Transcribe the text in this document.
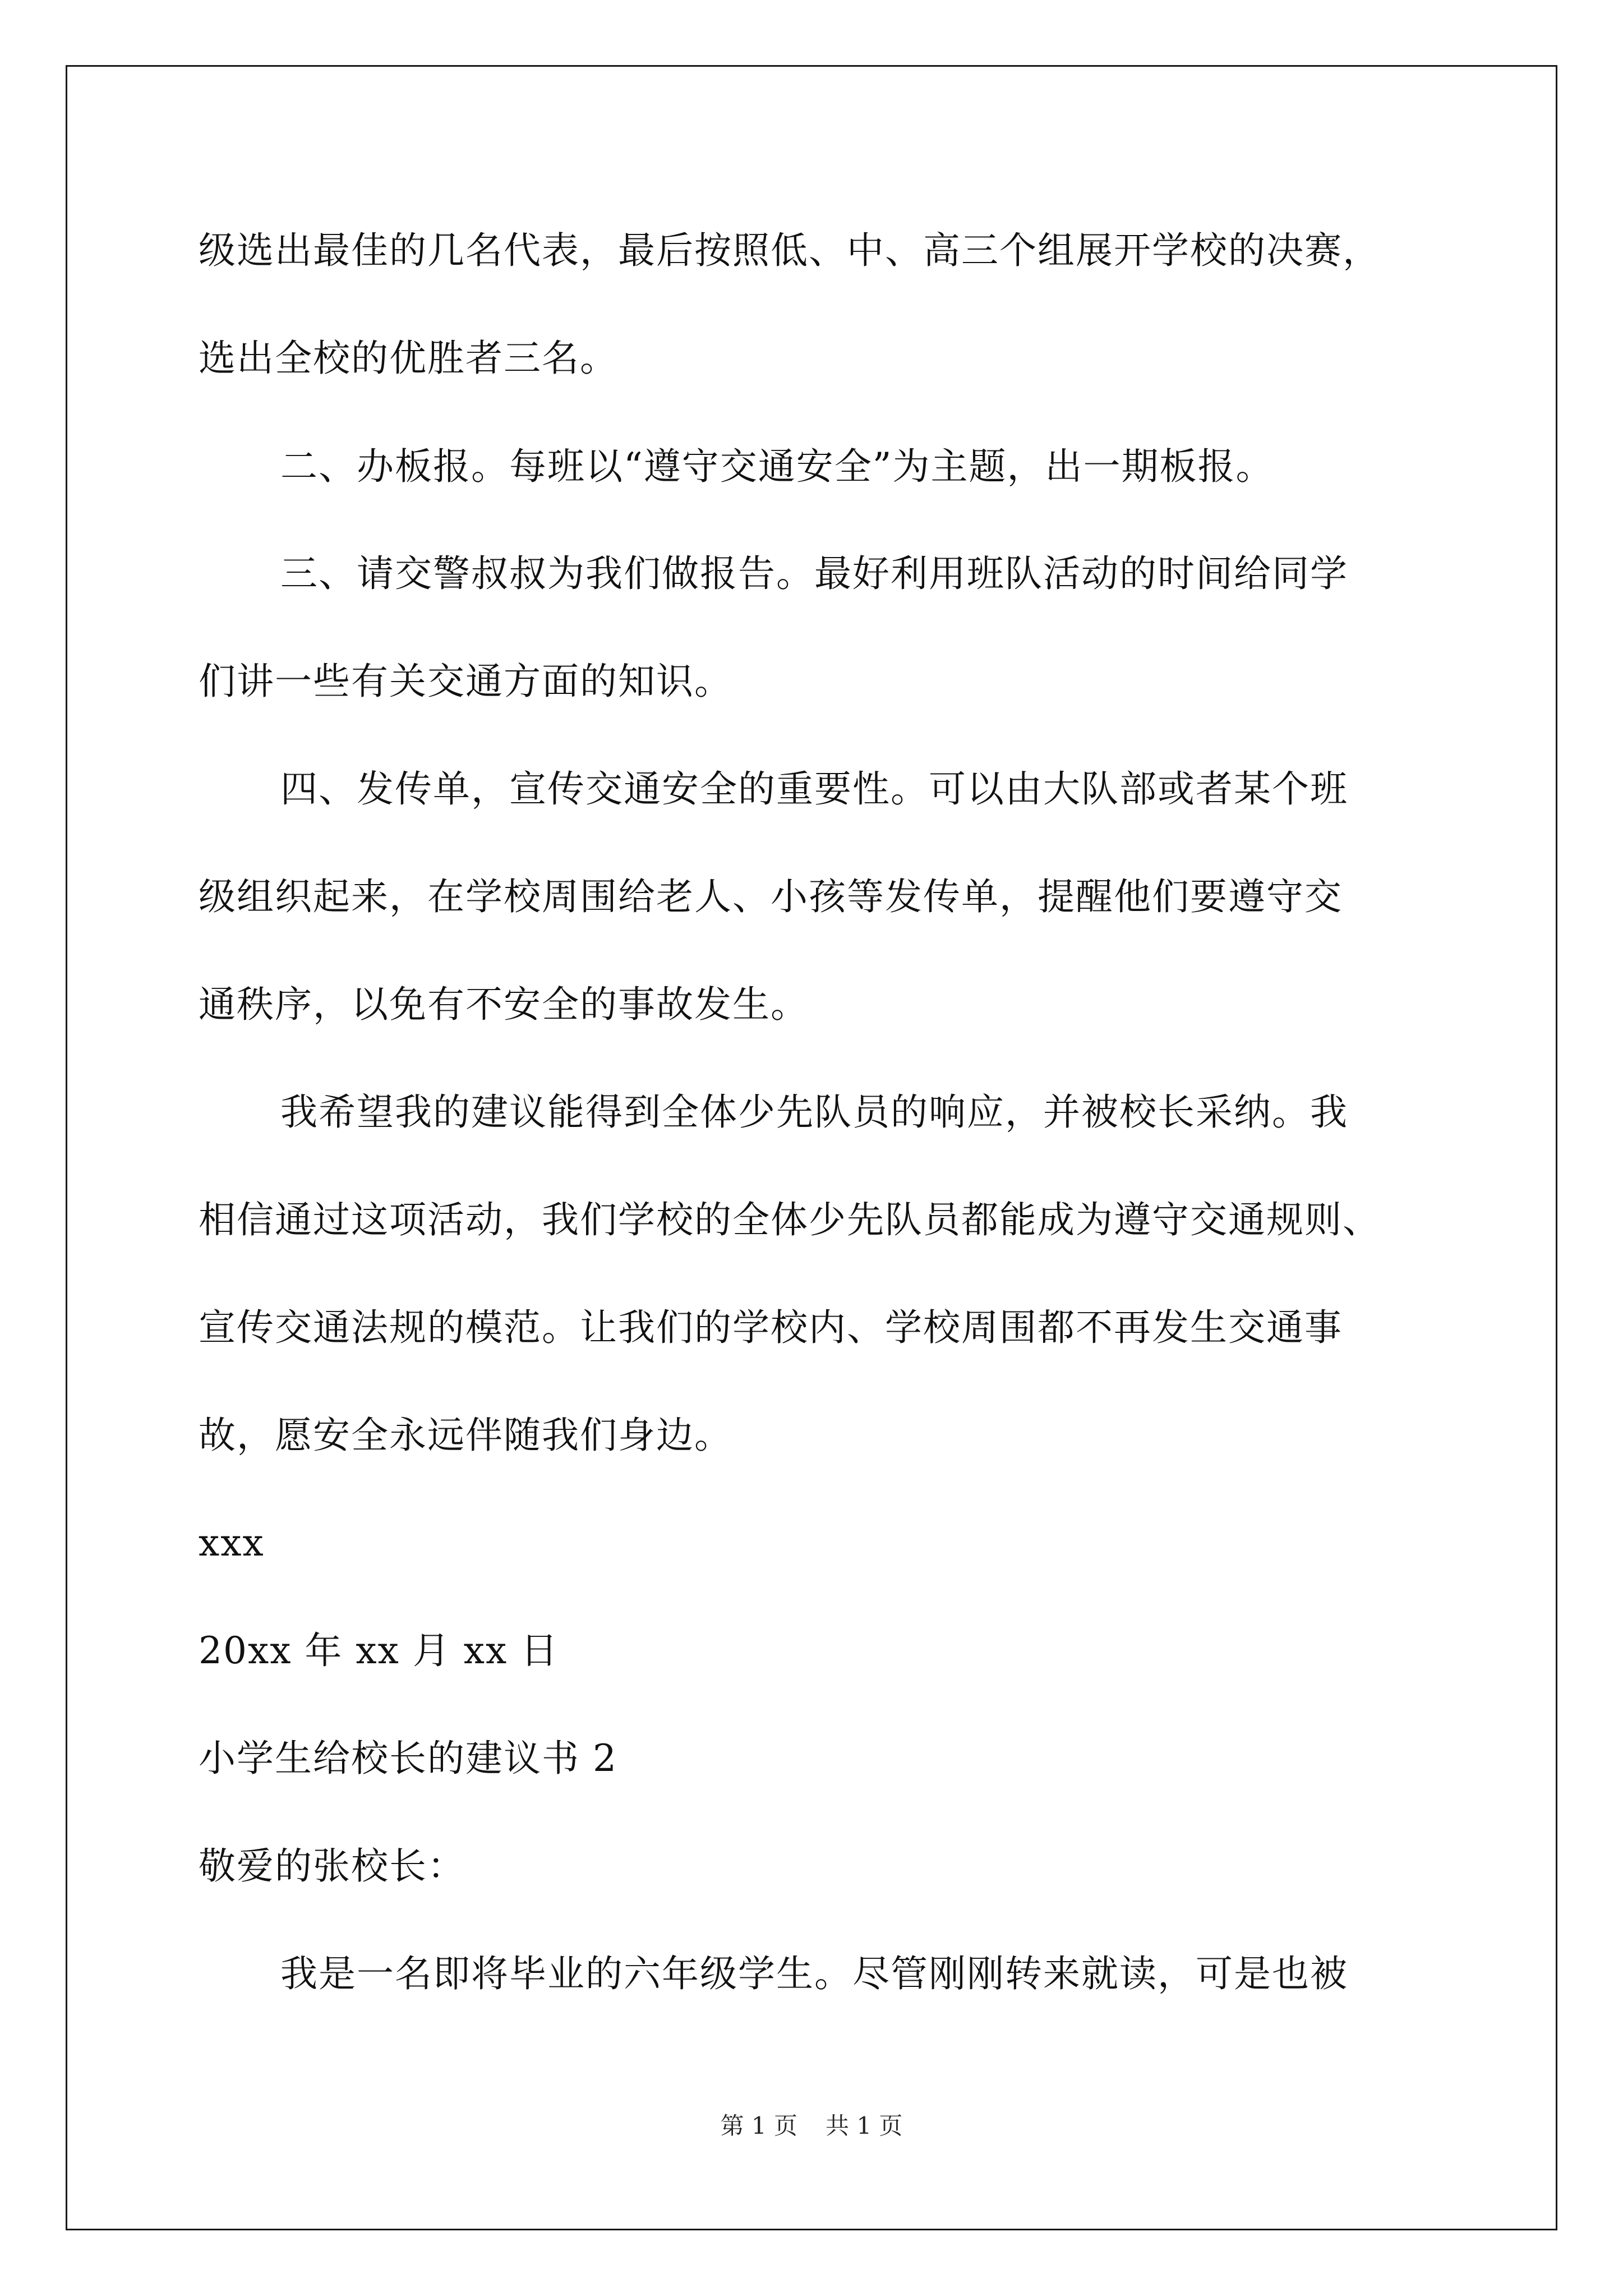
级选出最佳的几名代表，最后按照低、中、高三个组展开学校的决赛，
选出全校的优胜者三名。
二、办板报。每班以“遵守交通安全”为主题，出一期板报。
三、请交警叔叔为我们做报告。最好利用班队活动的时间给同学
们讲一些有关交通方面的知识。
四、发传单，宣传交通安全的重要性。可以由大队部或者某个班
级组织起来，在学校周围给老人、小孩等发传单，提醒他们要遵守交
通秩序，以免有不安全的事故发生。
我希望我的建议能得到全体少先队员的响应，并被校长采纳。我
相信通过这项活动，我们学校的全体少先队员都能成为遵守交通规则、
宣传交通法规的模范。让我们的学校内、学校周围都不再发生交通事
故，愿安全永远伴随我们身边。
xxx
20xx 年 xx 月 xx 日
小学生给校长的建议书 2
敬爱的张校长：
我是一名即将毕业的六年级学生。尽管刚刚转来就读，可是也被
第 1 页 共 1 页
